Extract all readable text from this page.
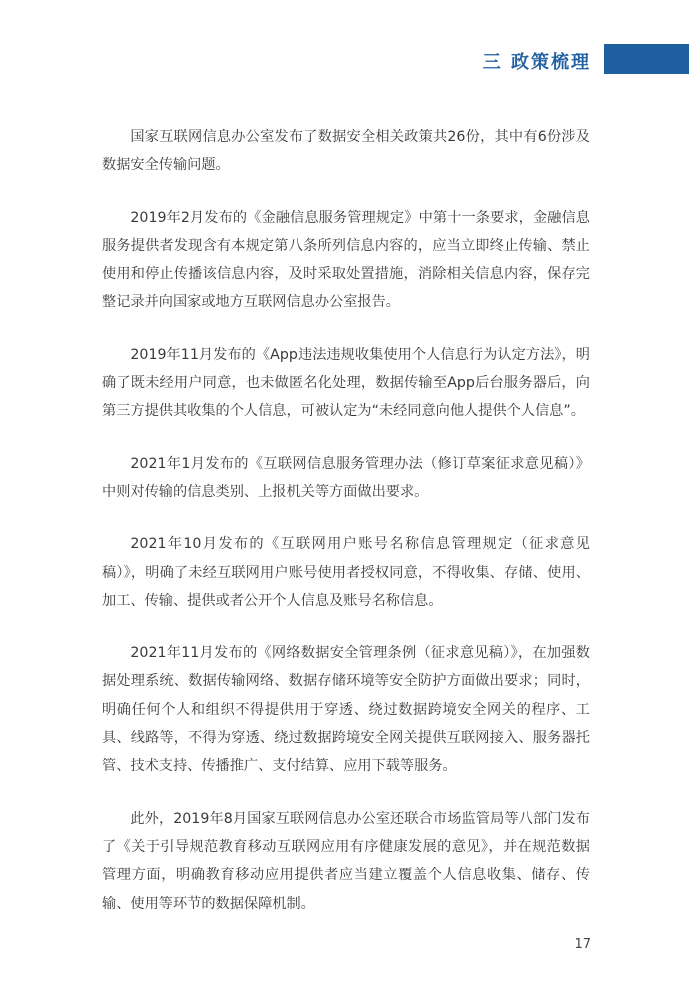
三 政策梳理

国家互联网信息办公室发布了数据安全相关政策共26份，其中有6份涉及数据安全传输问题。

2019年2月发布的《金融信息服务管理规定》中第十一条要求，金融信息服务提供者发现含有本规定第八条所列信息内容的，应当立即终止传输、禁止使用和停止传播该信息内容，及时采取处置措施，消除相关信息内容，保存完整记录并向国家或地方互联网信息办公室报告。

2019年11月发布的《App违法违规收集使用个人信息行为认定方法》，明确了既未经用户同意，也未做匿名化处理，数据传输至App后台服务器后，向第三方提供其收集的个人信息，可被认定为“未经同意向他人提供个人信息”。

2021年1月发布的《互联网信息服务管理办法（修订草案征求意见稿）》中则对传输的信息类别、上报机关等方面做出要求。

2021年10月发布的《互联网用户账号名称信息管理规定（征求意见稿）》，明确了未经互联网用户账号使用者授权同意，不得收集、存储、使用、加工、传输、提供或者公开个人信息及账号名称信息。

2021年11月发布的《网络数据安全管理条例（征求意见稿）》，在加强数据处理系统、数据传输网络、数据存储环境等安全防护方面做出要求；同时，明确任何个人和组织不得提供用于穿透、绕过数据跨境安全网关的程序、工具、线路等，不得为穿透、绕过数据跨境安全网关提供互联网接入、服务器托管、技术支持、传播推广、支付结算、应用下载等服务。

此外，2019年8月国家互联网信息办公室还联合市场监管局等八部门发布了《关于引导规范教育移动互联网应用有序健康发展的意见》，并在规范数据管理方面，明确教育移动应用提供者应当建立覆盖个人信息收集、储存、传输、使用等环节的数据保障机制。

17
